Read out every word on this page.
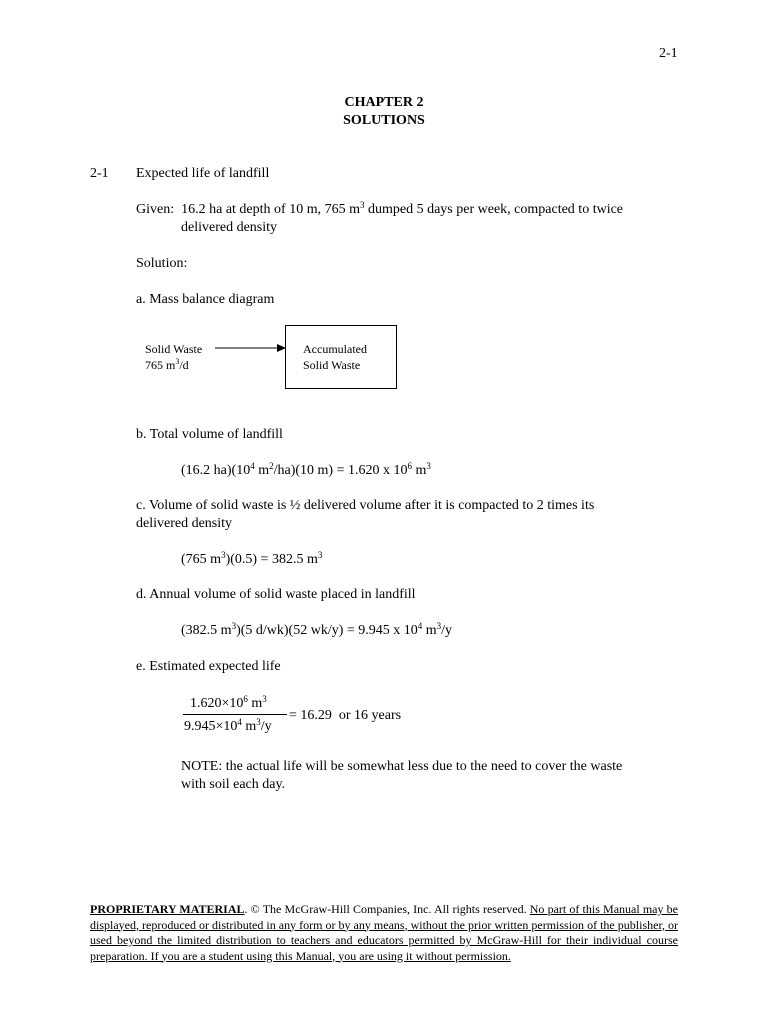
2-1
CHAPTER 2
SOLUTIONS
2-1 Expected life of landfill
Given: 16.2 ha at depth of 10 m, 765 $m^3$ dumped 5 days per week, compacted to twice
delivered density
Solution:
a. Mass balance diagram
Solid Waste
765 $m^3/d$
Accumulated
Solid Waste
b. Total volume of landfill
(16.2 $ha)(10^4$ $m^2/ha)(10$ m) = 1.620 x $10^6$ $m^3$
c. Volume of solid waste is ½ delivered volume after it is compacted to 2 times its
delivered density
(765 $m^3)(0.5) = 382.5$ $m^3$
d. Annual volume of solid waste placed in landfill
(382.5 $m^3)(5$ d/wk)(52 wk/y) = 9.945 x $10^4$ $m^3/y$
e. Estimated expected life
$1.620\times 10^6$ $m^3$
$9.945\times 10^4$ $m^3/y$
= 16.29  or 16 years
NOTE: the actual life will be somewhat less due to the need to cover the waste
with soil each day.
PROPRIETARY MATERIAL. © The McGraw-Hill Companies, Inc. All rights reserved. No part of this Manual may be displayed, reproduced or distributed in any form or by any means, without the prior written permission of the publisher, or used beyond the limited distribution to teachers and educators permitted by McGraw-Hill for their individual course preparation. If you are a student using this Manual, you are using it without permission.
